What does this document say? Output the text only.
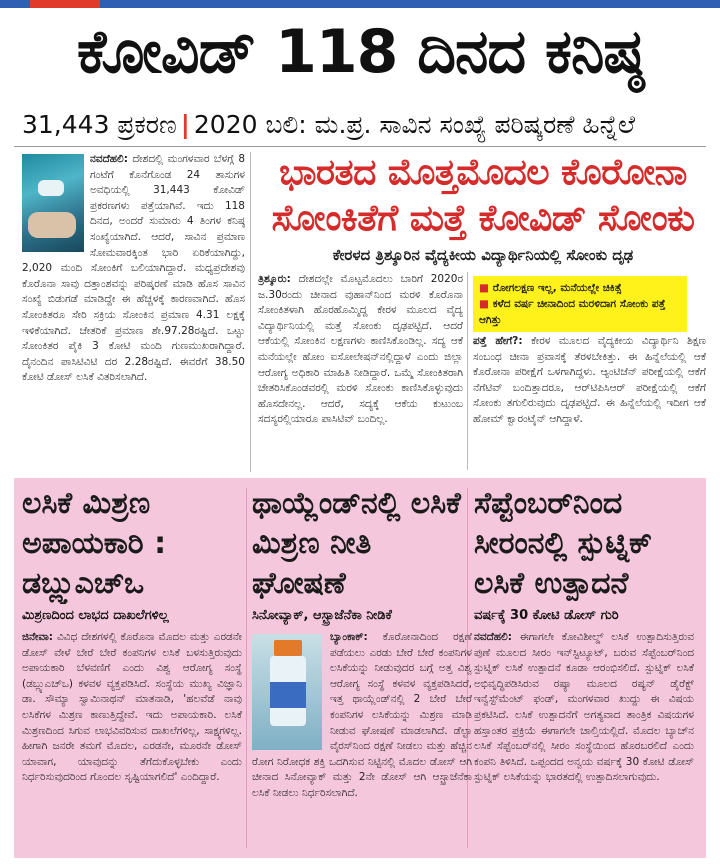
ಕೋವಿಡ್ 118 ದಿನದ ಕನಿಷ್ಠ
31,443 ಪ್ರಕರಣ | 2020 ಬಲಿ: ಮ.ಪ್ರ. ಸಾವಿನ ಸಂಖ್ಯೆ ಪರಿಷ್ಕರಣೆ ಹಿನ್ನೆಲೆ
ನವದೆಹಲಿ: ದೇಶದಲ್ಲಿ ಮಂಗಳವಾರ ಬೆಳಗ್ಗೆ 8 ಗಂಟೆಗೆ ಕೊನೆಗೊಂಡ 24 ತಾಸುಗಳ ಅವಧಿಯಲ್ಲಿ 31,443 ಕೋವಿಡ್ ಪ್ರಕರಣಗಳು ಪತ್ತೆಯಾಗಿವೆ. ಇದು 118 ದಿನದ, ಅಂದರೆ ಸುಮಾರು 4 ತಿಂಗಳ ಕನಿಷ್ಠ ಸಂಖ್ಯೆಯಾಗಿದೆ. ಆದರೆ, ಸಾವಿನ ಪ್ರಮಾಣ ಸೋಮವಾರಕ್ಕಿಂತ ಭಾರಿ ಏರಿಕೆಯಾಗಿದ್ದು, 2,020 ಮಂದಿ ಸೋಂಕಿಗೆ ಬಲಿಯಾಗಿದ್ದಾರೆ. ಮಧ್ಯಪ್ರದೇಶವು ಕೊರೊನಾ ಸಾವು ದತ್ತಾಂಶವನ್ನು ಪರಿಷ್ಕರಣೆ ಮಾಡಿ ಹೊಸ ಸಾವಿನ ಸಂಖ್ಯೆ ಬಿಡುಗಡೆ ಮಾಡಿದ್ದೇ ಈ ಹೆಚ್ಚಳಕ್ಕೆ ಕಾರಣವಾಗಿದೆ. ಹೊಸ ಸೋಂಕಿತರೂ ಸೇರಿ ಸಕ್ರಿಯ ಸೋಂಕಿನ ಪ್ರಮಾಣ 4.31 ಲಕ್ಷಕ್ಕೆ ಇಳಿಕೆಯಾಗಿದೆ. ಚೇತರಿಕೆ ಪ್ರಮಾಣ ಶೇ.97.28ರಷ್ಟಿದೆ. ಒಟ್ಟು ಸೋಂಕಿತರ ಪೈಕಿ 3 ಕೋಟಿ ಮಂದಿ ಗುಣಮುಖರಾಗಿದ್ದಾರೆ. ದೈನಂದಿನ ಪಾಸಿಟಿವಿಟಿ ದರ 2.28ರಷ್ಟಿದೆ. ಈವರೆಗೆ 38.50 ಕೋಟಿ ಡೋಸ್ ಲಸಿಕೆ ವಿತರಿಸಲಾಗಿದೆ.
ಭಾರತದ ಮೊತ್ತಮೊದಲ ಕೊರೋನಾ
ಸೋಂಕಿತೆಗೆ ಮತ್ತೆ ಕೋವಿಡ್ ಸೋಂಕು
ಕೇರಳದ ತ್ರಿಶ್ಶೂರಿನ ವೈದ್ಯಕೀಯ ವಿದ್ಯಾರ್ಥಿನಿಯಲ್ಲಿ ಸೋಂಕು ದೃಢ
ತ್ರಿಶ್ಶೂರು: ದೇಶದಲ್ಲೇ ಮೊಟ್ಟಮೊದಲು ಬಾರಿಗೆ 2020ರ ಜ.30ರಂದು ಚೀನಾದ ವುಹಾನ್‌ನಿಂದ ಮರಳಿ ಕೊರೊನಾ ಸೋಂಕಿತಳಾಗಿ ಹೊರಹೊಮ್ಮಿದ್ದ ಕೇರಳ ಮೂಲದ ವೈದ್ಯ ವಿದ್ಯಾರ್ಥಿನಿಯಲ್ಲಿ ಮತ್ತೆ ಸೋಂಕು ದೃಢಪಟ್ಟಿದೆ. ಆದರೆ ಆಕೆಯಲ್ಲಿ ಸೋಂಕಿನ ಲಕ್ಷಣಗಳು ಕಾಣಿಸಿಕೊಂಡಿಲ್ಲ. ಸದ್ಯ ಆಕೆ ಮನೆಯಲ್ಲೇ ಹೋಂ ಐಸೋಲೇಷನ್‌ನಲ್ಲಿದ್ದಾಳೆ ಎಂದು ಜಿಲ್ಲಾ ಆರೋಗ್ಯ ಅಧಿಕಾರಿ ಮಾಹಿತಿ ನೀಡಿದ್ದಾರೆ. ಒಮ್ಮೆ ಸೋಂಕಿತರಾಗಿ ಚೇತರಿಸಿಕೊಂಡವರಲ್ಲಿ ಮರಳಿ ಸೋಂಕು ಕಾಣಿಸಿಕೊಳ್ಳುವುದು ಹೊಸದೇನಲ್ಲ. ಆದರೆ, ಸದ್ಯಕ್ಕೆ ಆಕೆಯ ಕುಟುಂಬ ಸದಸ್ಯರಲ್ಲಿಯಾರೂ ಪಾಸಿಟಿವ್ ಬಂದಿಲ್ಲ.
■ ರೋಗಲಕ್ಷಣ ಇಲ್ಲ, ಮನೆಯಲ್ಲೇ ಚಿಕಿತ್ಸೆ
■ ಕಳೆದ ವರ್ಷ ಚೀನಾದಿಂದ ಮರಳಿದಾಗ ಸೋಂಕು ಪತ್ತೆ ಆಗಿತ್ತು
ಪತ್ತೆ ಹೇಗೆ?: ಕೇರಳ ಮೂಲದ ವೈದ್ಯಕೀಯ ವಿದ್ಯಾರ್ಥಿನಿ ಶಿಕ್ಷಣ ಸಂಬಂಧ ಚೀನಾ ಪ್ರವಾಸಕ್ಕೆ ತೆರಳಬೇಕಿತ್ತು. ಈ ಹಿನ್ನೆಲೆಯಲ್ಲಿ ಆಕೆ ಕೊರೋನಾ ಪರೀಕ್ಷೆಗೆ ಒಳಗಾಗಿದ್ದಳು. ಆ್ಯಂಟಿಜೆನ್ ಪರೀಕ್ಷೆಯಲ್ಲಿ ಆಕೆಗೆ ನೆಗೆಟಿವ್ ಬಂದಿತ್ತಾದರೂ, ಆರ್‌ಟಿಪಿಸಿಆರ್ ಪರೀಕ್ಷೆಯಲ್ಲಿ ಆಕೆಗೆ ಸೋಂಕು ತಗುಲಿರುವುದು ದೃಢಪಟ್ಟಿದೆ. ಈ ಹಿನ್ನೆಲೆಯಲ್ಲಿ ಇದೀಗ ಆಕೆ ಹೋಮ್ ಕ್ವಾರಂಟೈನ್ ಆಗಿದ್ದಾಳೆ.
ಲಸಿಕೆ ಮಿಶ್ರಣ ಅಪಾಯಕಾರಿ : ಡಬ್ಲ್ಯುಎಚ್‌ಒ
ಮಿಶ್ರಣದಿಂದ ಲಾಭದ ದಾಖಲೆಗಳಿಲ್ಲ
ಜಿನೇವಾ: ವಿವಿಧ ದೇಶಗಳಲ್ಲಿ ಕೊರೊನಾ ಮೊದಲ ಮತ್ತು ಎರಡನೇ ಡೋಸ್ ವೇಳೆ ಬೇರೆ ಬೇರೆ ಕಂಪನಿಗಳ ಲಸಿಕೆ ಬಳಸುತ್ತಿರುವುದು ಅಪಾಯಕಾರಿ ಬೆಳವಣಿಗೆ ಎಂದು ವಿಶ್ವ ಆರೋಗ್ಯ ಸಂಸ್ಥೆ (ಡಬ್ಲ್ಯುಎಚ್‌ಒ) ಕಳವಳ ವ್ಯಕ್ತಪಡಿಸಿದೆ. ಸಂಸ್ಥೆಯ ಮುಖ್ಯ ವಿಜ್ಞಾನಿ ಡಾ. ಸೌಮ್ಯಾ ಸ್ವಾಮಿನಾಥನ್ ಮಾತನಾಡಿ, 'ಹಲವೆಡೆ ನಾವು ಲಸಿಕೆಗಳ ಮಿಶ್ರಣ ಕಾಣುತ್ತಿದ್ದೇವೆ. ಇದು ಅಪಾಯಕಾರಿ. ಲಸಿಕೆ ಮಿಶ್ರಣದಿಂದ ಸಿಗುವ ಲಾಭವಿವರಿಸುವ ದಾಖಲೆಗಳಿಲ್ಲ, ಸಾಕ್ಷ್ಯಗಳಿಲ್ಲ. ಹೀಗಾಗಿ ಜನರೇ ತಮಗೆ ಮೊದಲ, ಎರಡನೇ, ಮೂರನೇ ಡೋಸ್ ಯಾವಾಗ, ಯಾವುದನ್ನು ತೆಗೆದುಕೊಳ್ಳಬೇಕು ಎಂದು ನಿರ್ಧರಿಸುವುದರಿಂದ ಗೊಂದಲ ಸೃಷ್ಟಿಯಾಗಲಿದೆ' ಎಂದಿದ್ದಾರೆ.
ಥಾಯ್ಲೆಂಡ್‌ನಲ್ಲಿ ಲಸಿಕೆ ಮಿಶ್ರಣ ನೀತಿ ಘೋಷಣೆ
ಸಿನೋವ್ಯಾಕ್, ಆಸ್ಟ್ರಾಜೆನೆಕಾ ನೀಡಿಕೆ
ಬ್ಯಾಂಕಾಕ್: ಕೊರೋನಾದಿಂದ ರಕ್ಷಣೆ ಪಡೆಯಲು ಎರಡು ಬೇರೆ ಬೇರೆ ಕಂಪನಿಗಳ ಲಸಿಕೆಯನ್ನು ನೀಡುವುದರ ಬಗ್ಗೆ ಅತ್ತ ವಿಶ್ವ ಆರೋಗ್ಯ ಸಂಸ್ಥೆ ಕಳವಳ ವ್ಯಕ್ತಪಡಿಸಿದರೆ, ಇತ್ತ ಥಾಯ್ಲೆಂಡ್‌ನಲ್ಲಿ 2 ಬೇರೆ ಬೇರೆ ಕಂಪನಿಗಳ ಲಸಿಕೆಯನ್ನು ಮಿಶ್ರಣ ಮಾಡಿ ನೀಡುವ ಘೋಷಣೆ ಮಾಡಲಾಗಿದೆ. ಡೆಲ್ಟಾ ವೈರಸ್‌ನಿಂದ ರಕ್ಷಣೆ ನೀಡಲು ಮತ್ತು ಹೆಚ್ಚಿನ ರೋಗ ನಿರೋಧಕ ಶಕ್ತಿ ಒದಗಿಸುವ ನಿಟ್ಟಿನಲ್ಲಿ ಮೊದಲ ಡೋಸ್ ಆಗಿ ಚೀನಾದ ಸಿನೋವ್ಯಾಕ್ ಮತ್ತು 2ನೇ ಡೋಸ್ ಆಗಿ ಆಸ್ಟ್ರಾಜೆನೆಕಾ ಲಸಿಕೆ ನೀಡಲು ನಿರ್ಧರಿಸಲಾಗಿದೆ.
ಸೆಪ್ಟೆಂಬರ್‌ನಿಂದ ಸೀರಂನಲ್ಲಿ ಸ್ಪುಟ್ನಿಕ್ ಲಸಿಕೆ ಉತ್ಪಾದನೆ
ವರ್ಷಕ್ಕೆ 30 ಕೋಟಿ ಡೋಸ್ ಗುರಿ
ನವದೆಹಲಿ: ಈಗಾಗಲೇ ಕೋವಿಶೀಲ್ಡ್ ಲಸಿಕೆ ಉತ್ಪಾದಿಸುತ್ತಿರುವ ಪುಣೆ ಮೂಲದ ಸೀರಂ ಇನ್‌ಸ್ಟಿಟ್ಯೂಟ್, ಬರುವ ಸೆಪ್ಟೆಂಬರ್‌ನಿಂದ ಸ್ಪುಟ್ನಿಕ್ ಲಸಿಕೆ ಉತ್ಪಾದನೆ ಕೂಡಾ ಆರಂಭಿಸಲಿದೆ. ಸ್ಪುಟ್ನಿಕ್ ಲಸಿಕೆ ಅಭಿವೃದ್ಧಿಪಡಿಸಿರುವ ರಷ್ಯಾ ಮೂಲದ ರಷ್ಯನ್ ಡೈರೆಕ್ಟ್ ಇನ್ವೆಸ್ಟ್‌ಮೆಂಟ್ ಫಂಡ್, ಮಂಗಳವಾರ ಖುದ್ದು ಈ ವಿಷಯ ಪ್ರಕಟಿಸಿದೆ. ಲಸಿಕೆ ಉತ್ಪಾದನೆಗೆ ಅಗತ್ಯವಾದ ತಾಂತ್ರಿಕ ವಿಷಯಗಳ ಹಸ್ತಾಂತರ ಪ್ರಕ್ರಿಯೆ ಈಗಾಗಲೇ ಚಾಲ್ತಿಯಲ್ಲಿದೆ. ಮೊದಲ ಬ್ಯಾಚ್‌ನ ಲಸಿಕೆ ಸೆಪ್ಟೆಂಬರ್‌ನಲ್ಲಿ ಸೀರಂ ಸಂಸ್ಥೆಯಿಂದ ಹೊರಬರಲಿದೆ ಎಂದು ಕಂಪನಿ ತಿಳಿಸಿದೆ. ಒಪ್ಪಂದದ ಅನ್ವಯ ವರ್ಷಕ್ಕೆ 30 ಕೋಟಿ ಡೋಸ್ ಸ್ಪುಟ್ನಿಕ್ ಲಸಿಕೆಯನ್ನು ಭಾರತದಲ್ಲಿ ಉತ್ಪಾದಿಸಲಾಗುವುದು.
